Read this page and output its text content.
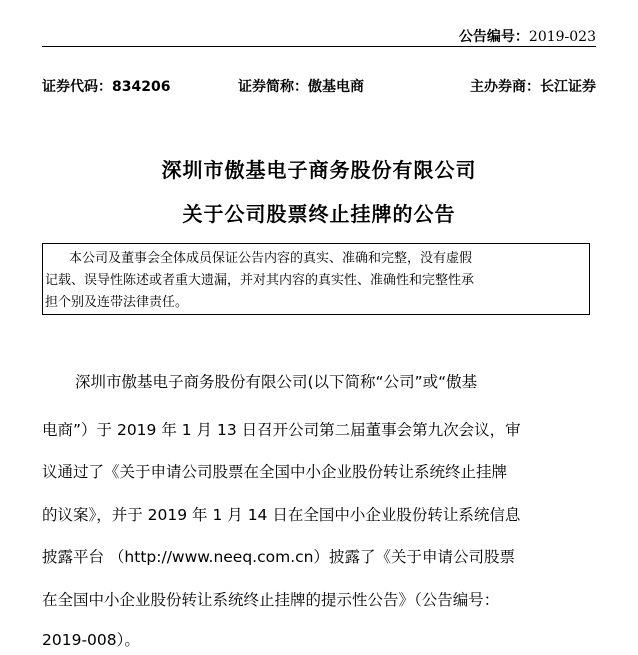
公告编号：2019-023
证券代码：834206	证券简称：傲基电商	主办券商：长江证券
深圳市傲基电子商务股份有限公司
关于公司股票终止挂牌的公告
本公司及董事会全体成员保证公告内容的真实、准确和完整，没有虚假
记载、误导性陈述或者重大遗漏，并对其内容的真实性、准确性和完整性承
担个别及连带法律责任。
深圳市傲基电子商务股份有限公司(以下简称“公司”或“傲基
电商”）于 2019 年 1 月 13 日召开公司第二届董事会第九次会议，审
议通过了《关于申请公司股票在全国中小企业股份转让系统终止挂牌
的议案》，并于 2019 年 1 月 14 日在全国中小企业股份转让系统信息
披露平台 （http://www.neeq.com.cn）披露了《关于申请公司股票
在全国中小企业股份转让系统终止挂牌的提示性公告》（公告编号：
2019-008）。
